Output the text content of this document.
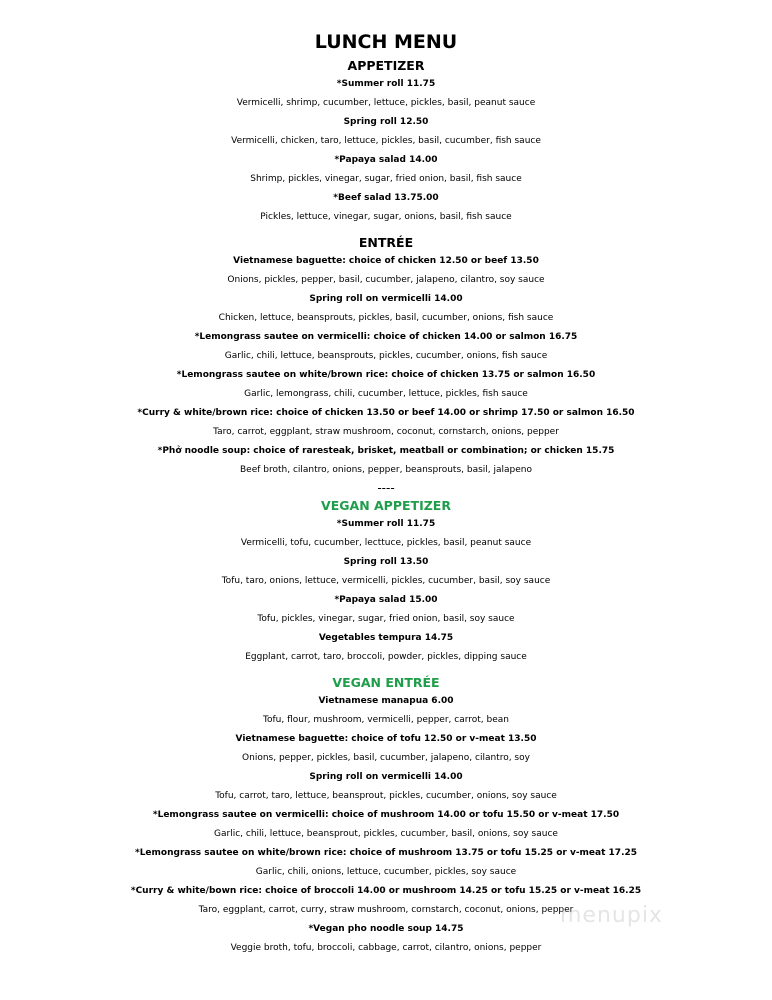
LUNCH MENU
APPETIZER
*Summer roll 11.75
Vermicelli, shrimp, cucumber, lettuce, pickles, basil, peanut sauce
Spring roll 12.50
Vermicelli, chicken, taro, lettuce, pickles, basil, cucumber, fish sauce
*Papaya salad 14.00
Shrimp, pickles, vinegar, sugar, fried onion, basil, fish sauce
*Beef salad 13.75.00
Pickles, lettuce, vinegar, sugar, onions, basil, fish sauce
ENTRÉE
Vietnamese baguette: choice of chicken 12.50 or beef 13.50
Onions, pickles, pepper, basil, cucumber, jalapeno, cilantro, soy sauce
Spring roll on vermicelli 14.00
Chicken, lettuce, beansprouts, pickles, basil, cucumber, onions, fish sauce
*Lemongrass sautee on vermicelli: choice of chicken 14.00 or salmon 16.75
Garlic, chili, lettuce, beansprouts, pickles, cucumber, onions, fish sauce
*Lemongrass sautee on white/brown rice: choice of chicken 13.75 or salmon 16.50
Garlic, lemongrass, chili, cucumber, lettuce, pickles, fish sauce
*Curry & white/brown rice: choice of chicken 13.50 or beef 14.00 or shrimp 17.50 or salmon 16.50
Taro, carrot, eggplant, straw mushroom, coconut, cornstarch, onions, pepper
*Phở noodle soup: choice of raresteak, brisket, meatball or combination; or chicken 15.75
Beef broth, cilantro, onions, pepper, beansprouts, basil, jalapeno
----
VEGAN APPETIZER
*Summer roll 11.75
Vermicelli, tofu, cucumber, lecttuce, pickles, basil, peanut sauce
Spring roll 13.50
Tofu, taro, onions, lettuce, vermicelli, pickles, cucumber, basil, soy sauce
*Papaya salad 15.00
Tofu, pickles, vinegar, sugar, fried onion, basil, soy sauce
Vegetables tempura 14.75
Eggplant, carrot, taro, broccoli, powder, pickles, dipping sauce
VEGAN ENTRÉE
Vietnamese manapua 6.00
Tofu, flour, mushroom, vermicelli, pepper, carrot, bean
Vietnamese baguette: choice of tofu 12.50 or v-meat 13.50
Onions, pepper, pickles, basil, cucumber, jalapeno, cilantro, soy
Spring roll on vermicelli 14.00
Tofu, carrot, taro, lettuce, beansprout, pickles, cucumber, onions, soy sauce
*Lemongrass sautee on vermicelli: choice of mushroom 14.00 or tofu 15.50 or v-meat 17.50
Garlic, chili, lettuce, beansprout, pickles, cucumber, basil, onions, soy sauce
*Lemongrass sautee on white/brown rice: choice of mushroom 13.75 or tofu 15.25 or v-meat 17.25
Garlic, chili, onions, lettuce, cucumber, pickles, soy sauce
*Curry & white/bown rice: choice of broccoli 14.00 or mushroom 14.25 or tofu 15.25 or v-meat 16.25
Taro, eggplant, carrot, curry, straw mushroom, cornstarch, coconut, onions, pepper
*Vegan pho noodle soup 14.75
Veggie broth, tofu, broccoli, cabbage, carrot, cilantro, onions, pepper
menupix
